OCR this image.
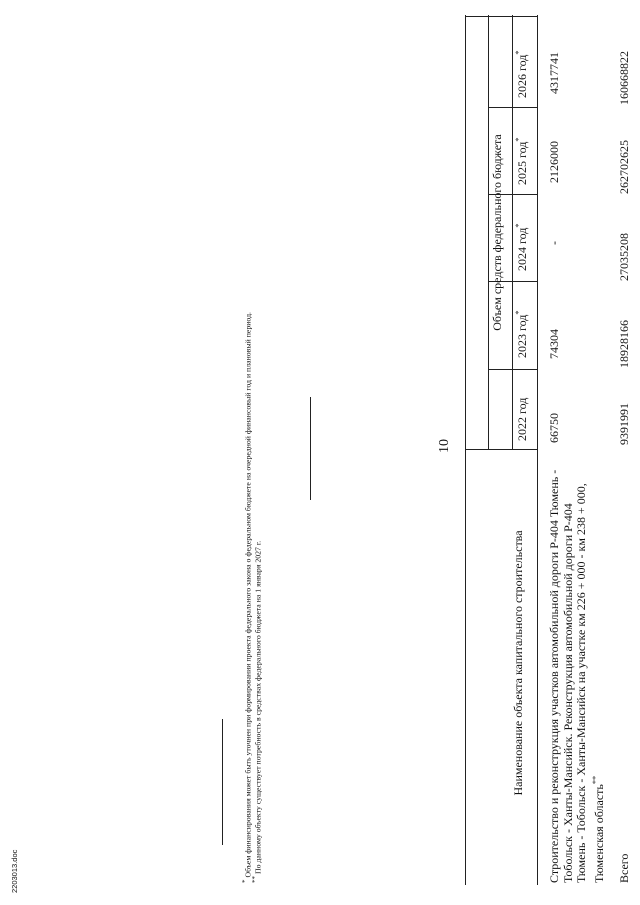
10
Наименование объекта капитального строительства
Объем средств федерального бюджета
2022 год
2023 год*
2024 год*
2025 год*
2026 год*
Строительство и реконструкция участков автомобильной дороги Р-404 Тюмень - Тобольск - Ханты-Мансийск. Реконструкция автомобильной дороги Р-404 Тюмень - Тобольск - Ханты-Мансийск на участке км 226 + 000 - км 238 + 000, Тюменская область**
66750
74304
-
2126000
4317741
Всего
9391991
18928166
27035208
262702625
160668822
* Объем финансирования может быть уточнен при формировании проекта федерального закона о федеральном бюджете на очередной финансовый год и плановый период.
** По данному объекту существует потребность в средствах федерального бюджета на 1 января 2027 г.
2203013.doc
